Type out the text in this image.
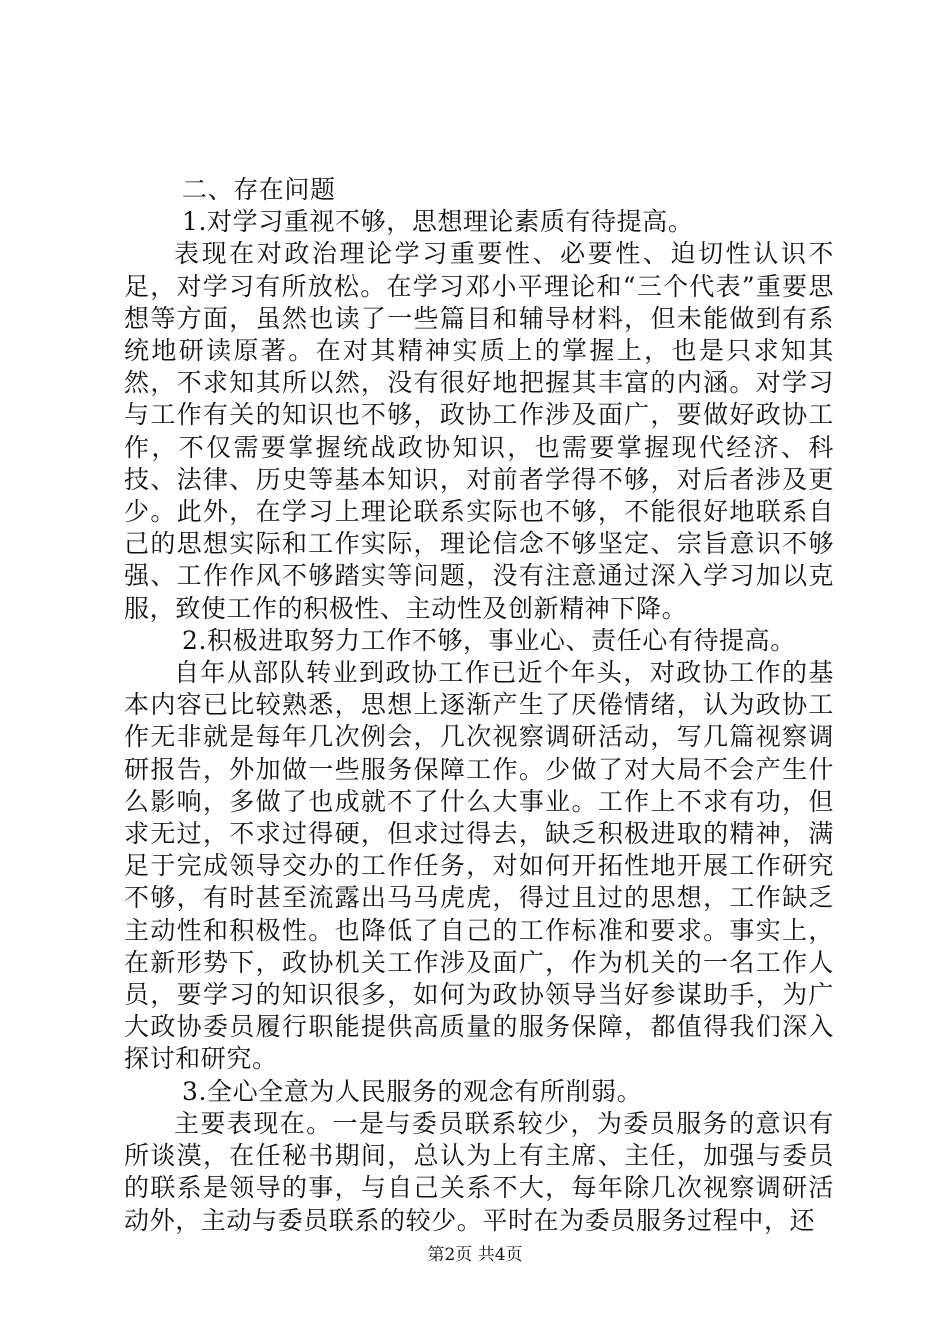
二、存在问题

1.对学习重视不够，思想理论素质有待提高。

表现在对政治理论学习重要性、必要性、迫切性认识不足，对学习有所放松。在学习邓小平理论和“三个代表”重要思想等方面，虽然也读了一些篇目和辅导材料，但未能做到有系统地研读原著。在对其精神实质上的掌握上，也是只求知其然，不求知其所以然，没有很好地把握其丰富的内涵。对学习与工作有关的知识也不够，政协工作涉及面广，要做好政协工作，不仅需要掌握统战政协知识，也需要掌握现代经济、科技、法律、历史等基本知识，对前者学得不够，对后者涉及更少。此外，在学习上理论联系实际也不够，不能很好地联系自己的思想实际和工作实际，理论信念不够坚定、宗旨意识不够强、工作作风不够踏实等问题，没有注意通过深入学习加以克服，致使工作的积极性、主动性及创新精神下降。

2.积极进取努力工作不够，事业心、责任心有待提高。

自年从部队转业到政协工作已近个年头，对政协工作的基本内容已比较熟悉，思想上逐渐产生了厌倦情绪，认为政协工作无非就是每年几次例会，几次视察调研活动，写几篇视察调研报告，外加做一些服务保障工作。少做了对大局不会产生什么影响，多做了也成就不了什么大事业。工作上不求有功，但求无过，不求过得硬，但求过得去，缺乏积极进取的精神，满足于完成领导交办的工作任务，对如何开拓性地开展工作研究不够，有时甚至流露出马马虎虎，得过且过的思想，工作缺乏主动性和积极性。也降低了自己的工作标准和要求。事实上，在新形势下，政协机关工作涉及面广，作为机关的一名工作人员，要学习的知识很多，如何为政协领导当好参谋助手，为广大政协委员履行职能提供高质量的服务保障，都值得我们深入探讨和研究。

3.全心全意为人民服务的观念有所削弱。

主要表现在。一是与委员联系较少，为委员服务的意识有所谈漠，在任秘书期间，总认为上有主席、主任，加强与委员的联系是领导的事，与自己关系不大，每年除几次视察调研活动外，主动与委员联系的较少。平时在为委员服务过程中，还

第2页 共4页
